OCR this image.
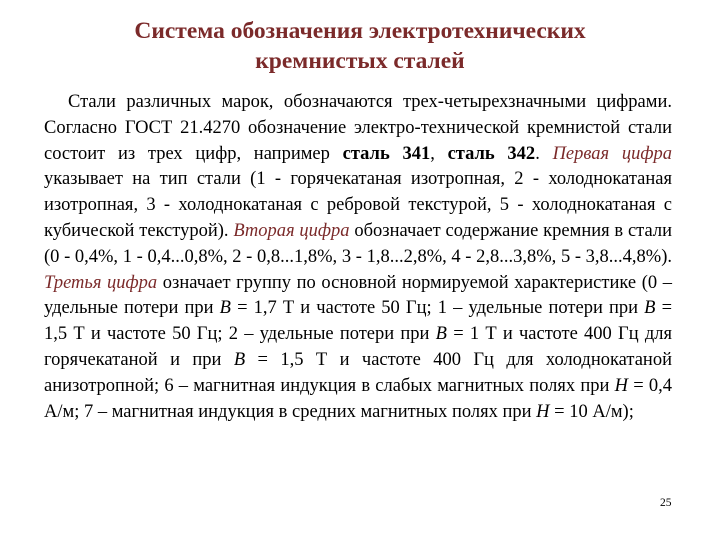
Система обозначения электротехнических
кремнистых сталей

Стали различных марок, обозначаются трех-четырехзначными цифрами. Согласно ГОСТ 21.4270 обозначение электро-технической кремнистой стали состоит из трех цифр, например сталь 341, сталь 342. Первая цифра указывает на тип стали (1 - горячекатаная изотропная, 2 - холоднокатаная изотропная, 3 - холоднокатаная с ребровой текстурой, 5 - холоднокатаная с кубической текстурой). Вторая цифра обозначает содержание кремния в стали (0 - 0,4%, 1 - 0,4...0,8%, 2 - 0,8...1,8%, 3 - 1,8...2,8%, 4 - 2,8...3,8%, 5 - 3,8...4,8%). Третья цифра означает группу по основной нормируемой характеристике (0 – удельные потери при B = 1,7 Т и частоте 50 Гц; 1 – удельные потери при B = 1,5 Т и частоте 50 Гц; 2 – удельные потери при B = 1 Т и частоте 400 Гц для горячекатаной и при B = 1,5 Т и частоте 400 Гц для холоднокатаной анизотропной; 6 – магнитная индукция в слабых магнитных полях при H = 0,4 А/м; 7 – магнитная индукция в средних магнитных полях при H = 10 А/м);

25
